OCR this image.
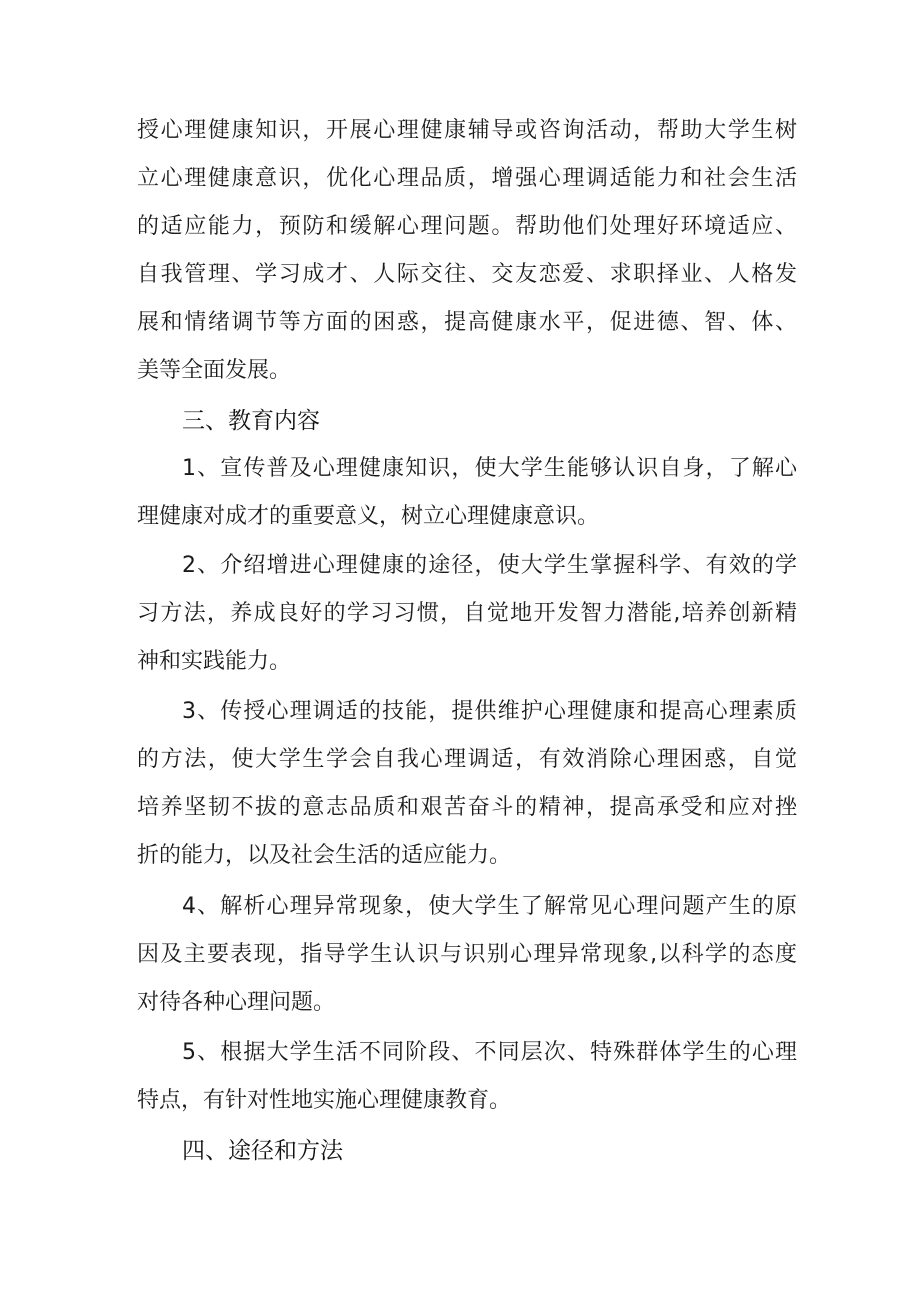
授心理健康知识，开展心理健康辅导或咨询活动，帮助大学生树
立心理健康意识，优化心理品质，增强心理调适能力和社会生活
的适应能力，预防和缓解心理问题。帮助他们处理好环境适应、
自我管理、学习成才、人际交往、交友恋爱、求职择业、人格发
展和情绪调节等方面的困惑，提高健康水平，促进德、智、体、
美等全面发展。
三、教育内容
1、宣传普及心理健康知识，使大学生能够认识自身，了解心
理健康对成才的重要意义，树立心理健康意识。
2、介绍增进心理健康的途径，使大学生掌握科学、有效的学
习方法，养成良好的学习习惯，自觉地开发智力潜能,培养创新精
神和实践能力。
3、传授心理调适的技能，提供维护心理健康和提高心理素质
的方法，使大学生学会自我心理调适，有效消除心理困惑，自觉
培养坚韧不拔的意志品质和艰苦奋斗的精神，提高承受和应对挫
折的能力，以及社会生活的适应能力。
4、解析心理异常现象，使大学生了解常见心理问题产生的原
因及主要表现，指导学生认识与识别心理异常现象,以科学的态度
对待各种心理问题。
5、根据大学生活不同阶段、不同层次、特殊群体学生的心理
特点，有针对性地实施心理健康教育。
四、途径和方法
